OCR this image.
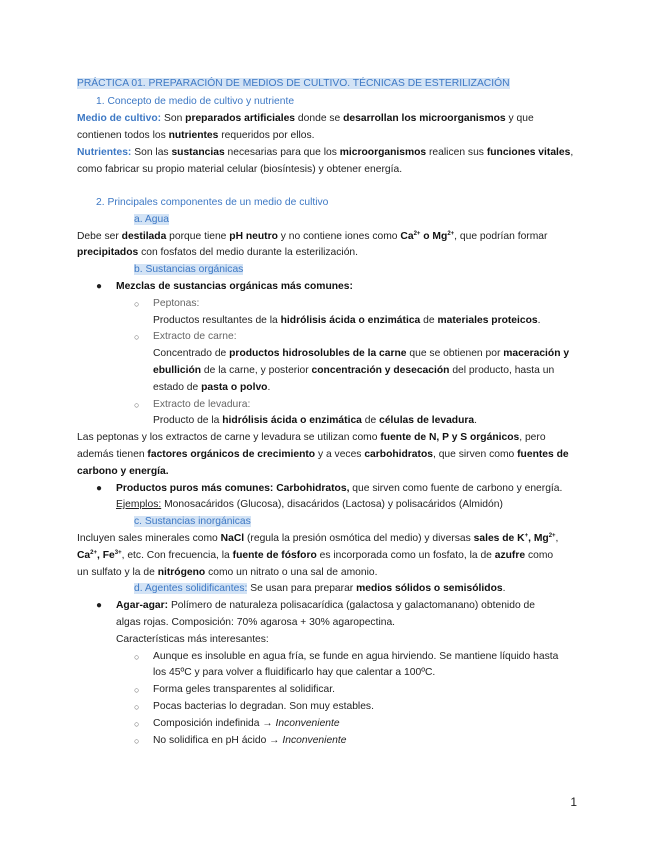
PRÁCTICA 01. PREPARACIÓN DE MEDIOS DE CULTIVO. TÉCNICAS DE ESTERILIZACIÓN
1. Concepto de medio de cultivo y nutriente
Medio de cultivo: Son preparados artificiales donde se desarrollan los microorganismos y que
contienen todos los nutrientes requeridos por ellos.
Nutrientes: Son las sustancias necesarias para que los microorganismos realicen sus funciones vitales,
como fabricar su propio material celular (biosíntesis) y obtener energía.
2. Principales componentes de un medio de cultivo
a. Agua
Debe ser destilada porque tiene pH neutro y no contiene iones como $Ca^{2+}$ o $Mg^{2+}$, que podrían formar
precipitados con fosfatos del medio durante la esterilización.
b. Sustancias orgánicas
● Mezclas de sustancias orgánicas más comunes:
○ Peptonas:
Productos resultantes de la hidrólisis ácida o enzimática de materiales proteicos.
○ Extracto de carne:
Concentrado de productos hidrosolubles de la carne que se obtienen por maceración y
ebullición de la carne, y posterior concentración y desecación del producto, hasta un
estado de pasta o polvo.
○ Extracto de levadura:
Producto de la hidrólisis ácida o enzimática de células de levadura.
Las peptonas y los extractos de carne y levadura se utilizan como fuente de N, P y S orgánicos, pero
además tienen factores orgánicos de crecimiento y a veces carbohidratos, que sirven como fuentes de
carbono y energía.
● Productos puros más comunes: Carbohidratos, que sirven como fuente de carbono y energía.
Ejemplos: Monosacáridos (Glucosa), disacáridos (Lactosa) y polisacáridos (Almidón)
c. Sustancias inorgánicas
Incluyen sales minerales como NaCl (regula la presión osmótica del medio) y diversas sales de K+, $Mg^{2+}$,
$Ca^{2+}$, $Fe^{3+}$, etc. Con frecuencia, la fuente de fósforo es incorporada como un fosfato, la de azufre como
un sulfato y la de nitrógeno como un nitrato o una sal de amonio.
d. Agentes solidificantes: Se usan para preparar medios sólidos o semisólidos.
● Agar-agar: Polímero de naturaleza polisacarídica (galactosa y galactomanano) obtenido de
algas rojas. Composición: 70% agarosa + 30% agaropectina.
Características más interesantes:
○ Aunque es insoluble en agua fría, se funde en agua hirviendo. Se mantiene líquido hasta
los 45ºC y para volver a fluidificarlo hay que calentar a 100ºC.
○ Forma geles transparentes al solidificar.
○ Pocas bacterias lo degradan. Son muy estables.
○ Composición indefinida → Inconveniente
○ No solidifica en pH ácido → Inconveniente
1
